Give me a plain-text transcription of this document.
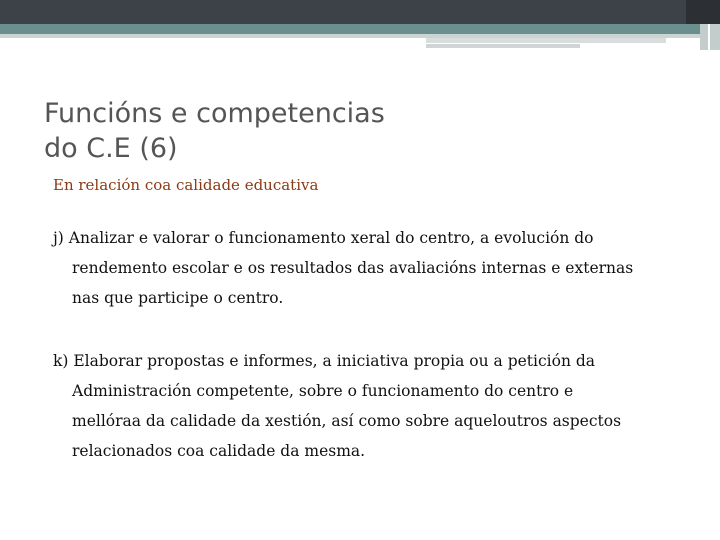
Funcións e competencias
do C.E (6)
En relación coa calidade educativa
j) Analizar e valorar o funcionamento xeral do centro, a evolución do
rendemento escolar e os resultados das avaliacións internas e externas
nas que participe o centro.
k) Elaborar propostas e informes, a iniciativa propia ou a petición da
Administración competente, sobre o funcionamento do centro e
mellóraa da calidade da xestión, así como sobre aqueloutros aspectos
relacionados coa calidade da mesma.
